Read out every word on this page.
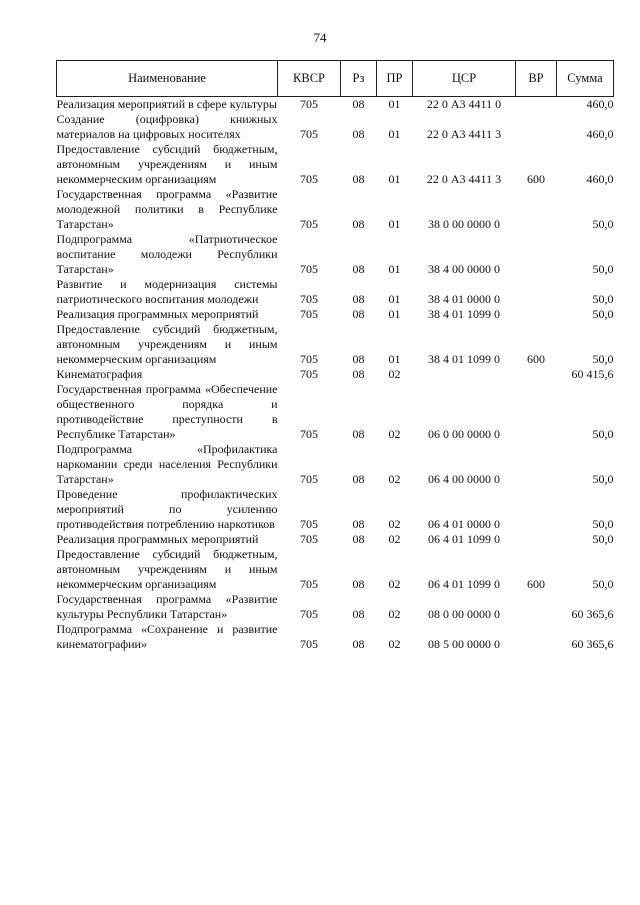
74
Наименование	КВСР	Рз	ПР	ЦСР	ВР	Сумма
Реализация мероприятий в сфере культуры	705	08	01	22 0 А3 4411 0		460,0
Создание (оцифровка) книжных материалов на цифровых носителях	705	08	01	22 0 А3 4411 3		460,0
Предоставление субсидий бюджетным, автономным учреждениям и иным некоммерческим организациям	705	08	01	22 0 А3 4411 3	600	460,0
Государственная программа «Развитие молодежной политики в Республике Татарстан»	705	08	01	38 0 00 0000 0		50,0
Подпрограмма «Патриотическое воспитание молодежи Республики Татарстан»	705	08	01	38 4 00 0000 0		50,0
Развитие и модернизация системы патриотического воспитания молодежи	705	08	01	38 4 01 0000 0		50,0
Реализация программных мероприятий	705	08	01	38 4 01 1099 0		50,0
Предоставление субсидий бюджетным, автономным учреждениям и иным некоммерческим организациям	705	08	01	38 4 01 1099 0	600	50,0
Кинематография	705	08	02			60 415,6
Государственная программа «Обеспечение общественного порядка и противодействие преступности в Республике Татарстан»	705	08	02	06 0 00 0000 0		50,0
Подпрограмма «Профилактика наркомании среди населения Республики Татарстан»	705	08	02	06 4 00 0000 0		50,0
Проведение профилактических мероприятий по усилению противодействия потреблению наркотиков	705	08	02	06 4 01 0000 0		50,0
Реализация программных мероприятий	705	08	02	06 4 01 1099 0		50,0
Предоставление субсидий бюджетным, автономным учреждениям и иным некоммерческим организациям	705	08	02	06 4 01 1099 0	600	50,0
Государственная программа «Развитие культуры Республики Татарстан»	705	08	02	08 0 00 0000 0		60 365,6
Подпрограмма «Сохранение и развитие кинематографии»	705	08	02	08 5 00 0000 0		60 365,6
